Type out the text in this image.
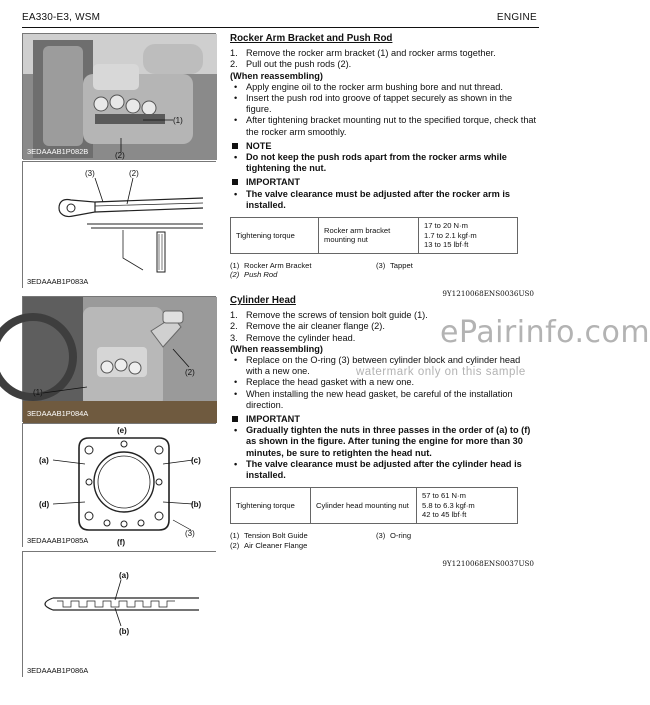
EA330-E3, WSM	ENGINE
(1)
(2)
3EDAAAB1P082B
(3)	(2)
3EDAAAB1P083A
(2)
(1)
3EDAAAB1P084A
(e)
(a)	(c)
(d)	(b)
(f)
(3)
3EDAAAB1P085A
(a)
(b)
3EDAAAB1P086A
Rocker Arm Bracket and Push Rod
1. Remove the rocker arm bracket (1) and rocker arms together.
2. Pull out the push rods (2).
(When reassembling)
• Apply engine oil to the rocker arm bushing bore and nut thread.
• Insert the push rod into groove of tappet securely as shown in the figure.
• After tightening bracket mounting nut to the specified torque, check that the rocker arm smoothly.
NOTE
• Do not keep the push rods apart from the rocker arms while tightening the nut.
IMPORTANT
• The valve clearance must be adjusted after the rocker arm is installed.
Tightening torque	Rocker arm bracket mounting nut	
17 to 20 N·m
1.7 to 2.1 kgf·m
13 to 15 lbf·ft
(1) Rocker Arm Bracket	(3) Tappet
(2) Push Rod
9Y1210068ENS0036US0
Cylinder Head
1. Remove the screws of tension bolt guide (1).
2. Remove the air cleaner flange (2).
3. Remove the cylinder head.
(When reassembling)
• Replace on the O-ring (3) between cylinder block and cylinder head with a new one.
• Replace the head gasket with a new one.
• When installing the new head gasket, be careful of the installation direction.
IMPORTANT
• Gradually tighten the nuts in three passes in the order of (a) to (f) as shown in the figure. After tuning the engine for more than 30 minutes, be sure to retighten the head nut.
• The valve clearance must be adjusted after the cylinder head is installed.
Tightening torque	Cylinder head mounting nut	
57 to 61 N·m
5.8 to 6.3 kgf·m
42 to 45 lbf·ft
(1) Tension Bolt Guide	(3) O-ring
(2) Air Cleaner Flange
9Y1210068ENS0037US0
ePairinfo.com
watermark only on this sample
